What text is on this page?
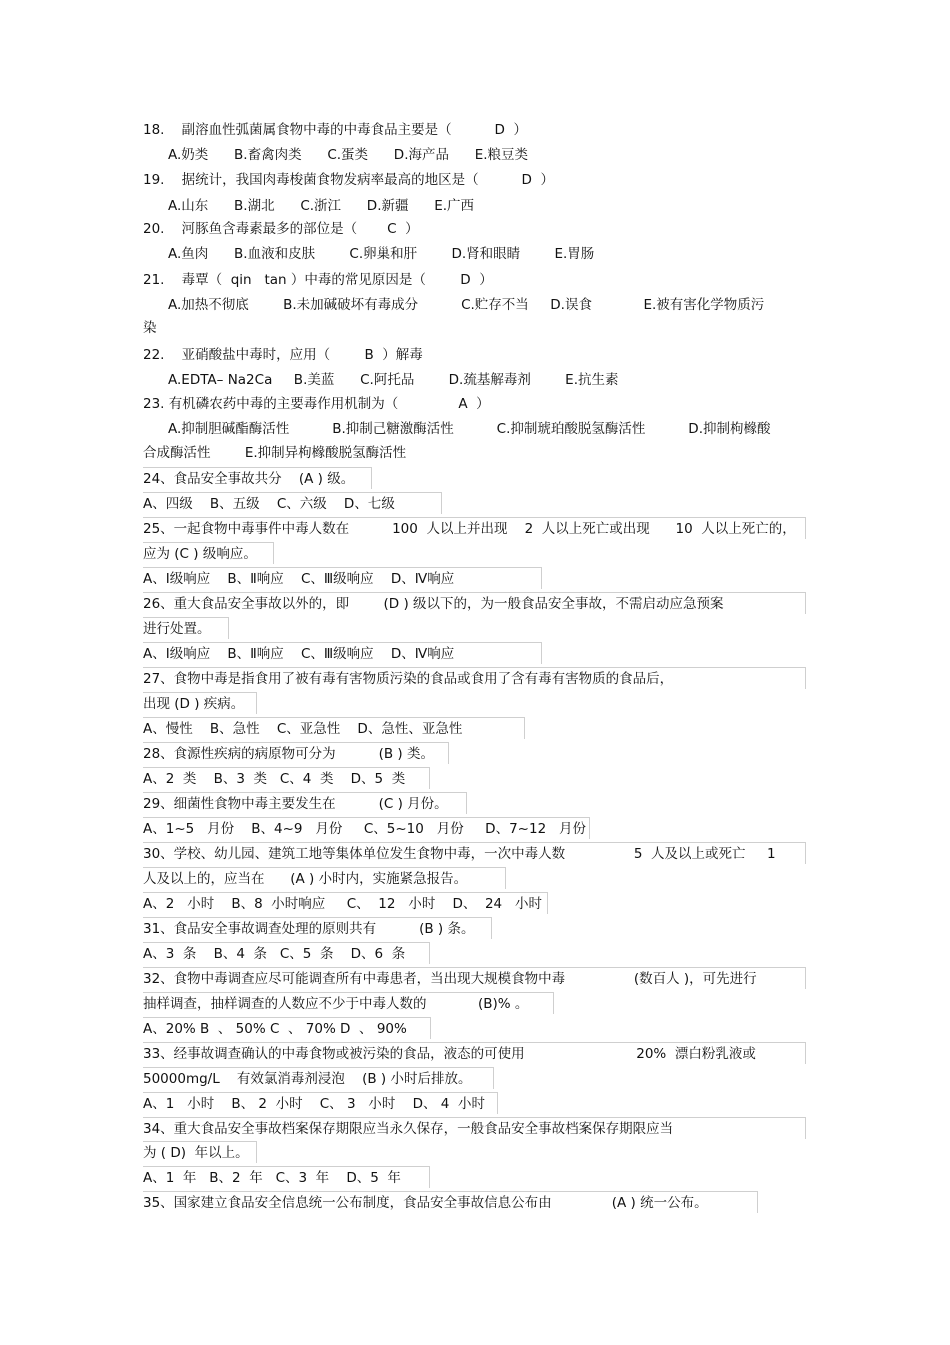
18.    副溶血性弧菌属食物中毒的中毒食品主要是（          D  ）
A.奶类      B.畜禽肉类      C.蛋类      D.海产品      E.粮豆类
19.    据统计，我国肉毒梭菌食物发病率最高的地区是（          D  ）
A.山东      B.湖北      C.浙江      D.新疆      E.广西
20.    河豚鱼含毒素最多的部位是（       C  ）
A.鱼肉      B.血液和皮肤        C.卵巢和肝        D.肾和眼睛        E.胃肠
21.    毒覃（  qin   tan ）中毒的常见原因是（        D  ）
A.加热不彻底        B.未加碱破坏有毒成分          C.贮存不当     D.误食            E.被有害化学物质污
染
22.    亚硝酸盐中毒时，应用（        B  ）解毒
A.EDTA– Na2Ca     B.美蓝      C.阿托品        D.巯基解毒剂        E.抗生素
23. 有机磷农药中毒的主要毒作用机制为（              A  ）
A.抑制胆碱酯酶活性          B.抑制己糖激酶活性          C.抑制琥珀酸脱氢酶活性          D.抑制枸橼酸
合成酶活性        E.抑制异枸橼酸脱氢酶活性
24、食品安全事故共分    (A ) 级。
A、四级    B、五级    C、六级    D、七级
25、一起食物中毒事件中毒人数在          100  人以上并出现    2  人以上死亡或出现      10  人以上死亡的，
应为 (C ) 级响应。
A、Ⅰ级响应    B、Ⅱ响应    C、Ⅲ级响应    D、Ⅳ响应
26、重大食品安全事故以外的，即        (D ) 级以下的，为一般食品安全事故，不需启动应急预案
进行处置。
A、Ⅰ级响应    B、Ⅱ响应    C、Ⅲ级响应    D、Ⅳ响应
27、食物中毒是指食用了被有毒有害物质污染的食品或食用了含有毒有害物质的食品后，
出现 (D ) 疾病。
A、慢性    B、急性    C、亚急性    D、急性、亚急性
28、食源性疾病的病原物可分为          (B ) 类。
A、2  类    B、3  类   C、4  类    D、5  类
29、细菌性食物中毒主要发生在          (C ) 月份。
A、1~5   月份    B、4~9   月份     C、5~10   月份     D、7~12   月份
30、学校、幼儿园、建筑工地等集体单位发生食物中毒，一次中毒人数                5  人及以上或死亡     1
人及以上的，应当在      (A ) 小时内，实施紧急报告。
A、2   小时    B、8  小时响应     C、  12   小时    D、  24   小时
31、食品安全事故调查处理的原则共有          (B ) 条。
A、3  条    B、4  条   C、5  条    D、6  条
32、食物中毒调查应尽可能调查所有中毒患者，当出现大规模食物中毒                (数百人 )，可先进行
抽样调查，抽样调查的人数应不少于中毒人数的            (B)% 。
A、20% B  、 50% C  、 70% D  、 90%
33、经事故调查确认的中毒食物或被污染的食品，液态的可使用                          20%  漂白粉乳液或
50000mg/L    有效氯消毒剂浸泡    (B ) 小时后排放。
A、1   小时    B、 2  小时    C、 3   小时    D、 4  小时
34、重大食品安全事故档案保存期限应当永久保存，一般食品安全事故档案保存期限应当
为 ( D)  年以上。
A、1  年   B、2  年   C、3  年    D、5  年
35、国家建立食品安全信息统一公布制度，食品安全事故信息公布由              (A ) 统一公布。
